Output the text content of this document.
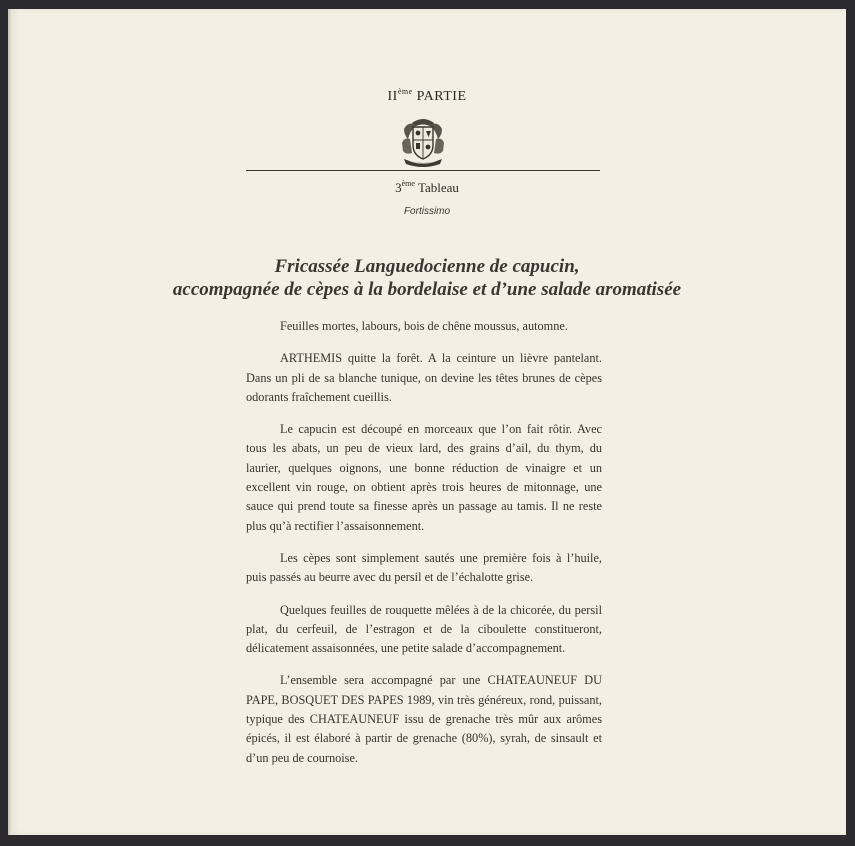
IIème PARTIE
3ème Tableau
Fortissimo
Fricassée Languedocienne de capucin,
accompagnée de cèpes à la bordelaise et d’une salade aromatisée

Feuilles mortes, labours, bois de chêne moussus, automne.

ARTHEMIS quitte la forêt. A la ceinture un lièvre pantelant. Dans un pli de sa blanche tunique, on devine les têtes brunes de cèpes odorants fraîchement cueillis.

Le capucin est découpé en morceaux que l’on fait rôtir. Avec tous les abats, un peu de vieux lard, des grains d’ail, du thym, du laurier, quelques oignons, une bonne réduction de vinaigre et un excellent vin rouge, on obtient après trois heures de mitonnage, une sauce qui prend toute sa finesse après un passage au tamis. Il ne reste plus qu’à rectifier l’assaisonnement.

Les cèpes sont simplement sautés une première fois à l’huile, puis passés au beurre avec du persil et de l’échalotte grise.

Quelques feuilles de rouquette mêlées à de la chicorée, du persil plat, du cerfeuil, de l’estragon et de la ciboulette constitueront, délicatement assaisonnées, une petite salade d’accompagnement.

L’ensemble sera accompagné par une CHATEAUNEUF DU PAPE, BOSQUET DES PAPES 1989, vin très généreux, rond, puissant, typique des CHATEAUNEUF issu de grenache très mûr aux arômes épicés, il est élaboré à partir de grenache (80%), syrah, de sinsault et d’un peu de cournoise.
